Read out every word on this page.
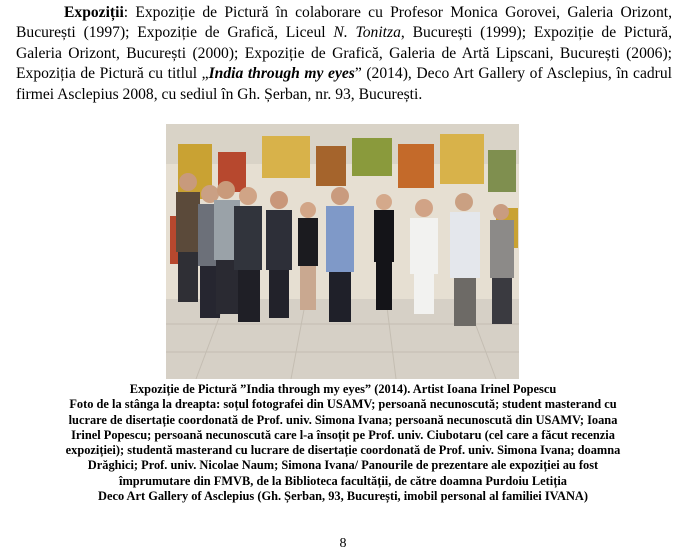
Expoziții: Expoziție de Pictură în colaborare cu Profesor Monica Gorovei, Galeria Orizont, București (1997); Expoziție de Grafică, Liceul N. Tonitza, București (1999); Expoziție de Pictură, Galeria Orizont, București (2000); Expoziție de Grafică, Galeria de Artă Lipscani, București (2006); Expoziția de Pictură cu titlul „India through my eyes” (2014), Deco Art Gallery of Asclepius, în cadrul firmei Asclepius 2008, cu sediul în Gh. Șerban, nr. 93, București.

Expoziție de Pictură ”India through my eyes” (2014). Artist Ioana Irinel Popescu
Foto de la stânga la dreapta: soțul fotografei din USAMV; persoană necunoscută; student masterand cu
lucrare de disertație coordonată de Prof. univ. Simona Ivana; persoană necunoscută din USAMV; Ioana
Irinel Popescu; persoană necunoscută care l-a însoțit pe Prof. univ. Ciubotaru (cel care a făcut recenzia
expoziției); studentă masterand cu lucrare de disertație coordonată de Prof. univ. Simona Ivana; doamna
Drăghici; Prof. univ. Nicolae Naum; Simona Ivana/ Panourile de prezentare ale expoziției au fost
împrumutare din FMVB, de la Biblioteca facultății, de către doamna Purdoiu Letiția
Deco Art Gallery of Asclepius (Gh. Șerban, 93, București, imobil personal al familiei IVANA)
8
